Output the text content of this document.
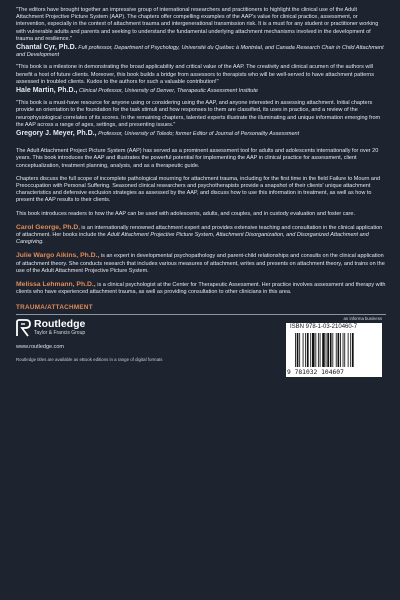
"The editors have brought together an impressive group of international researchers and practitioners to highlight the clinical use of the Adult Attachment Projective Picture System (AAP). The chapters offer compelling examples of the AAP's value for clinical practice, assessment, or intervention, especially in the context of attachment trauma and intergenerational transmission risk. It is a must for any student or practitioner working with vulnerable adults and parents and seeking to understand the fundamental underlying attachment mechanisms involved in the development of trauma and resilience."
Chantal Cyr, Ph.D. Full professor, Department of Psychology, Université du Québec à Montréal, and Canada Research Chair in Child Attachment and Development
"This book is a milestone in demonstrating the broad applicability and critical value of the AAP. The creativity and clinical acumen of the authors will benefit a host of future clients. Moreover, this book builds a bridge from assessors to therapists who will be well-served to have attachment patterns assessed in troubled clients. Kudos to the authors for such a valuable contribution!"
Hale Martin, Ph.D., Clinical Professor, University of Denver, Therapeutic Assessment Institute
"This book is a must-have resource for anyone using or considering using the AAP, and anyone interested in assessing attachment. Initial chapters provide an orientation to the foundation for the task stimuli and how responses to them are classified, its uses in practice, and a review of the neurophysiological correlates of its scores. In the remaining chapters, talented experts illustrate the illuminating and unique information emerging from the AAP across a range of ages, settings, and presenting issues."
Gregory J. Meyer, Ph.D., Professor, University of Toledo; former Editor of Journal of Personality Assessment

The Adult Attachment Project Picture System (AAP) has served as a prominent assessment tool for adults and adolescents internationally for over 20 years. This book introduces the AAP and illustrates the powerful potential for implementing the AAP in clinical practice for assessment, client conceptualization, treatment planning, analysis, and as a therapeutic guide.

Chapters discuss the full scope of incomplete pathological mourning for attachment trauma, including for the first time in the field Failure to Mourn and Preoccupation with Personal Suffering. Seasoned clinical researchers and psychotherapists provide a snapshot of their clients' unique attachment characteristics and defensive exclusion strategies as assessed by the AAP, and discuss how to use this information in treatment, as well as how to present the AAP results to their clients.

This book introduces readers to how the AAP can be used with adolescents, adults, and couples, and in custody evaluation and foster care.

Carol George, Ph.D, is an internationally renowned attachment expert and provides extensive teaching and consultation in the clinical application of attachment. Her books include the Adult Attachment Projective Picture System, Attachment Disorganization, and Disorganized Attachment and Caregiving.

Julie Wargo Aikins, Ph.D., is an expert in developmental psychopathology and parent-child relationships and consults on the clinical application of attachment theory. She conducts research that includes various measures of attachment, writes and presents on attachment theory, and trains on the use of the Adult Attachment Projective Picture System.

Melissa Lehmann, Ph.D., is a clinical psychologist at the Center for Therapeutic Assessment. Her practice involves assessment and therapy with clients who have experienced attachment trauma, as well as providing consultation to other clinicians in this area.

TRAUMA/ATTACHMENT
Routledge
Taylor & Francis Group
www.routledge.com
Routledge titles are available as eBook editions in a range of digital formats
an informa business
ISBN 978-1-03-210460-7
9 781032 104607
